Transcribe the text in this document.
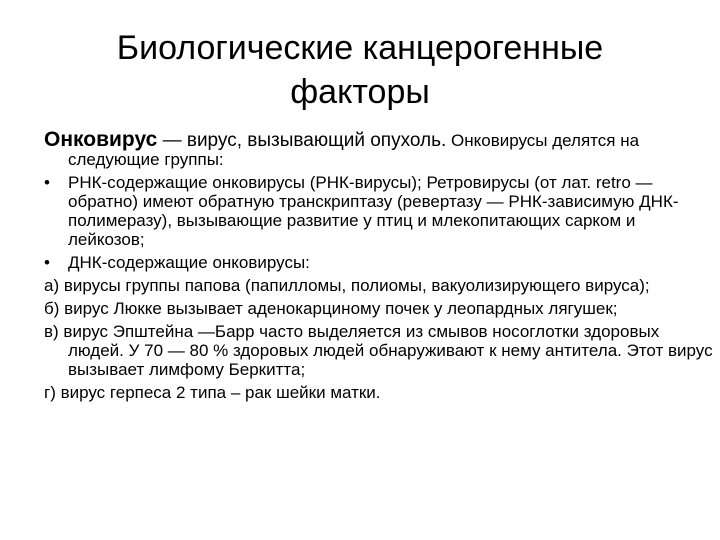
Биологические канцерогенные
факторы

Онковирус — вирус, вызывающий опухоль. Онковирусы делятся на следующие группы:

• РНК-содержащие онковирусы (РНК-вирусы); Ретровирусы (от лат. retro — обратно) имеют обратную транскриптазу (ревертазу — РНК-зависимую ДНК-полимеразу), вызывающие развитие у птиц и млекопитающих сарком и лейкозов;

• ДНК-содержащие онковирусы:

а) вирусы группы папова (папилломы, полиомы, вакуолизирующего вируса);

б) вирус Люкке вызывает аденокарциному почек у леопардных лягушек;

в) вирус Эпштейна —Барр часто выделяется из смывов носоглотки здоровых людей. У 70 — 80 % здоровых людей обнаруживают к нему антитела. Этот вирус вызывает лимфому Беркитта;

г) вирус герпеса 2 типа – рак шейки матки.
